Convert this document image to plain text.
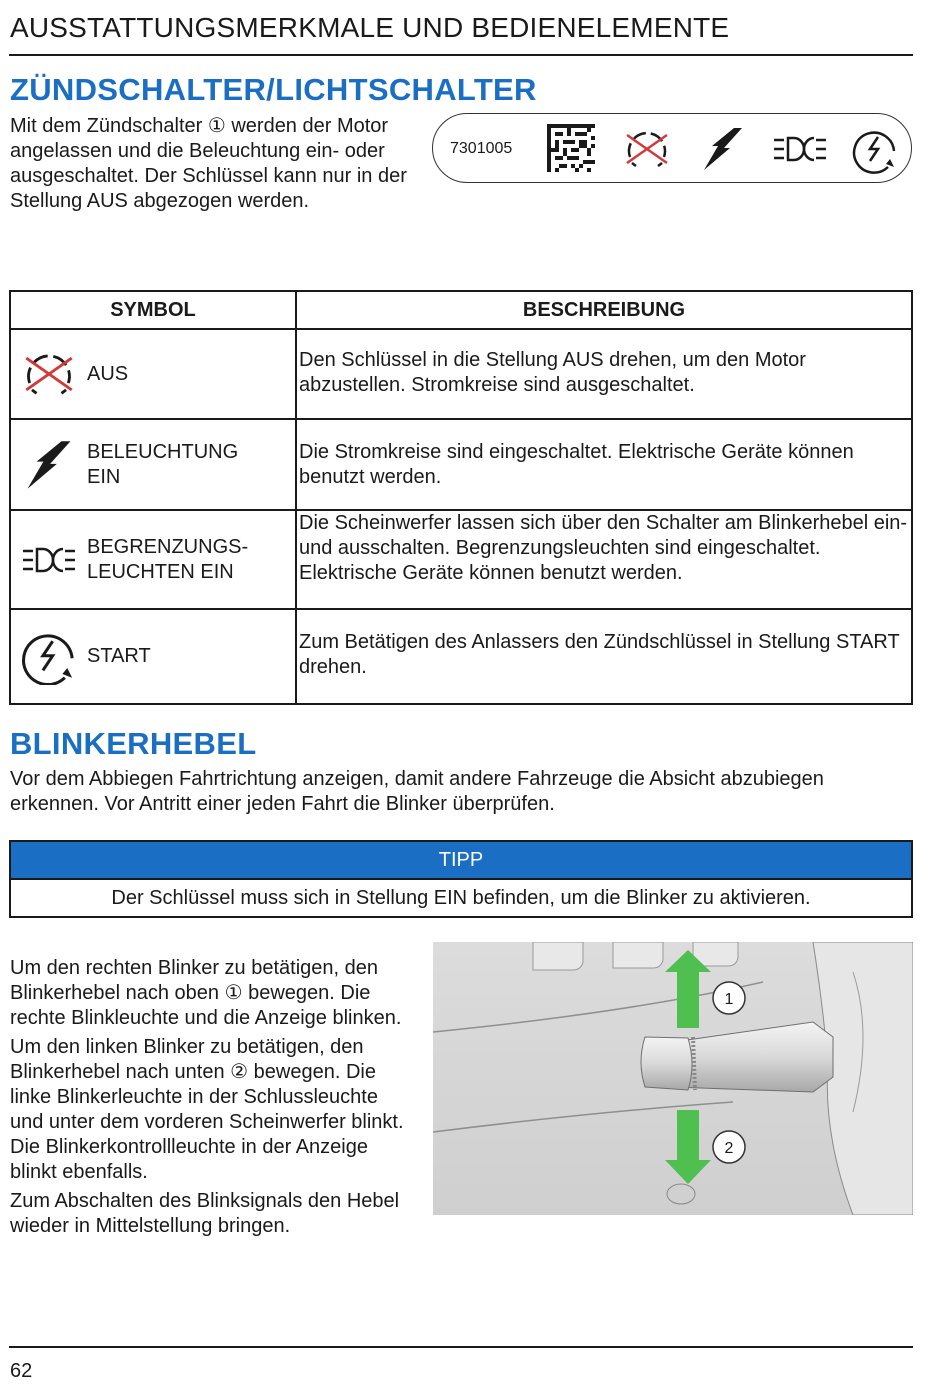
AUSSTATTUNGSMERKMALE UND BEDIENELEMENTE
ZÜNDSCHALTER/LICHTSCHALTER
Mit dem Zündschalter ① werden der Motor angelassen und die Beleuchtung ein- oder ausgeschaltet. Der Schlüssel kann nur in der Stellung AUS abgezogen werden.
7301005
SYMBOL	BESCHREIBUNG

AUS	Den Schlüssel in die Stellung AUS drehen, um den Motor abzustellen. Stromkreise sind ausgeschaltet.

BELEUCHTUNG
EIN	Die Stromkreise sind eingeschaltet. Elektrische Geräte können benutzt werden.

BEGRENZUNGS-
LEUCHTEN EIN	Die Scheinwerfer lassen sich über den Schalter am Blinkerhebel ein- und ausschalten. Begrenzungsleuchten sind eingeschaltet. Elektrische Geräte können benutzt werden.

START	Zum Betätigen des Anlassers den Zündschlüssel in Stellung START drehen.
BLINKERHEBEL
Vor dem Abbiegen Fahrtrichtung anzeigen, damit andere Fahrzeuge die Absicht abzubiegen erkennen. Vor Antritt einer jeden Fahrt die Blinker überprüfen.
TIPP
Der Schlüssel muss sich in Stellung EIN befinden, um die Blinker zu aktivieren.

Um den rechten Blinker zu betätigen, den Blinkerhebel nach oben ① bewegen. Die rechte Blinkleuchte und die Anzeige blinken.

Um den linken Blinker zu betätigen, den Blinkerhebel nach unten ② bewegen. Die linke Blinkerleuchte in der Schlussleuchte und unter dem vorderen Scheinwerfer blinkt. Die Blinkerkontrollleuchte in der Anzeige blinkt ebenfalls.

Zum Abschalten des Blinksignals den Hebel wieder in Mittelstellung bringen.

1
2
62
